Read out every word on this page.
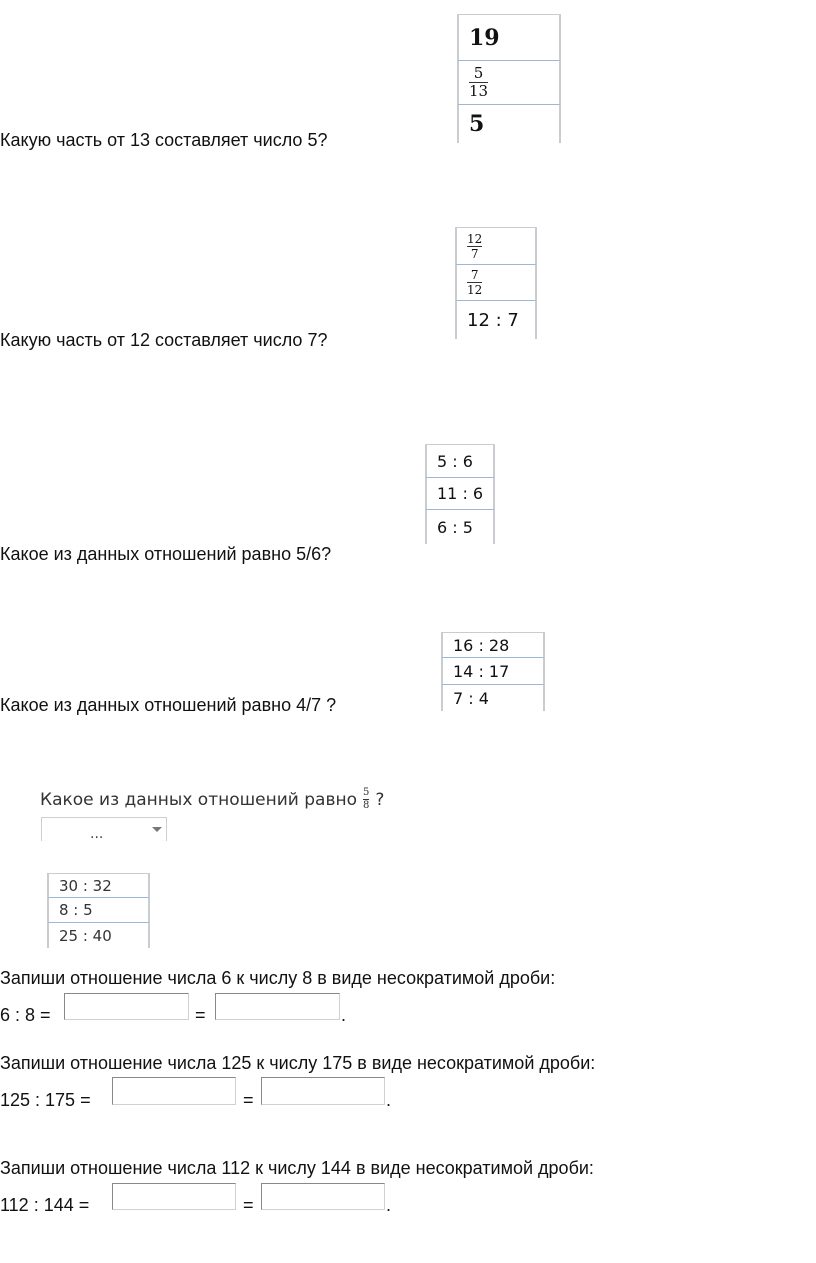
Какую часть от 13 составляет число 5?
19
$\frac{5}{13}$
5
Какую часть от 12 составляет число 7?
$\frac{12}{7}$
$\frac{7}{12}$
12 : 7
Какое из данных отношений равно 5/6?
5 : 6
11 : 6
6 : 5
Какое из данных отношений равно 4/7 ?
16 : 28
14 : 17
7 : 4
Какое из данных отношений равно $\frac{5}{8}$ ?
...
30 : 32
8 : 5
25 : 40
Запиши отношение числа 6 к числу 8 в виде несократимой дроби:
6 : 8 =	=	.
Запиши отношение числа 125 к числу 175 в виде несократимой дроби:
125 : 175 =	=	.
Запиши отношение числа 112 к числу 144 в виде несократимой дроби:
112 : 144 =	=	.
